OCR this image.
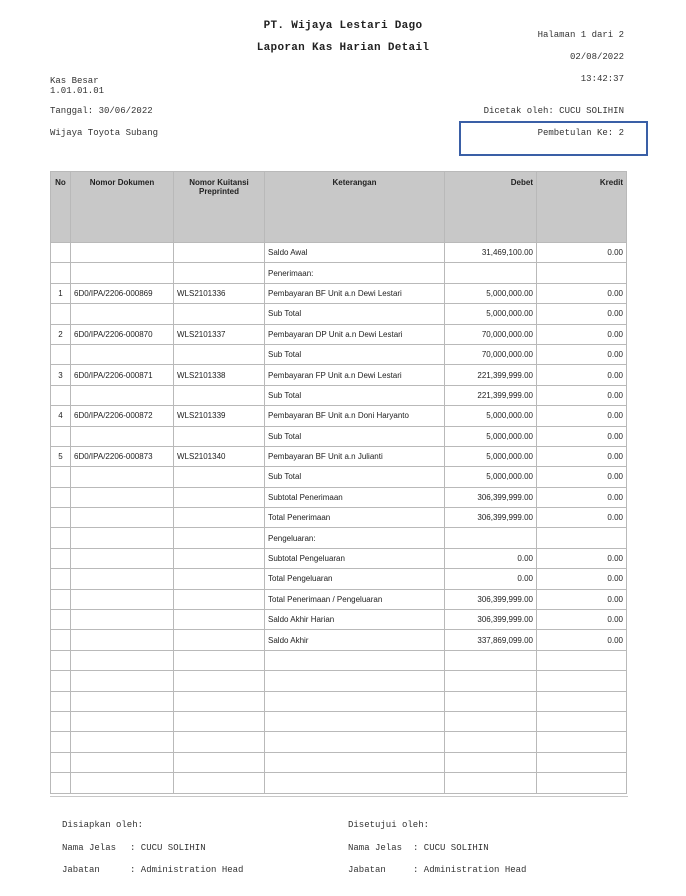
PT. Wijaya Lestari Dago
Laporan Kas Harian Detail
Halaman 1 dari 2
02/08/2022
13:42:37
Kas Besar
1.01.01.01
Tanggal: 30/06/2022
Wijaya Toyota Subang
Dicetak oleh: CUCU SOLIHIN
Pembetulan Ke: 2
No	Nomor Dokumen	Nomor Kuitansi Preprinted	Keterangan	Debet	Kredit
			Saldo Awal	31,469,100.00	0.00
			Penerimaan:		
1	6D0/IPA/2206-000869	WLS2101336	Pembayaran BF Unit a.n Dewi Lestari	5,000,000.00	0.00
			Sub Total	5,000,000.00	0.00
2	6D0/IPA/2206-000870	WLS2101337	Pembayaran DP Unit a.n Dewi Lestari	70,000,000.00	0.00
			Sub Total	70,000,000.00	0.00
3	6D0/IPA/2206-000871	WLS2101338	Pembayaran FP Unit a.n Dewi Lestari	221,399,999.00	0.00
			Sub Total	221,399,999.00	0.00
4	6D0/IPA/2206-000872	WLS2101339	Pembayaran BF Unit a.n Doni Haryanto	5,000,000.00	0.00
			Sub Total	5,000,000.00	0.00
5	6D0/IPA/2206-000873	WLS2101340	Pembayaran BF Unit a.n Julianti	5,000,000.00	0.00
			Sub Total	5,000,000.00	0.00
			Subtotal Penerimaan	306,399,999.00	0.00
			Total Penerimaan	306,399,999.00	0.00
			Pengeluaran:		
			Subtotal Pengeluaran	0.00	0.00
			Total Pengeluaran	0.00	0.00
			Total Penerimaan / Pengeluaran	306,399,999.00	0.00
			Saldo Akhir Harian	306,399,999.00	0.00
			Saldo Akhir	337,869,099.00	0.00

Disiapkan oleh:
Nama Jelas : CUCU SOLIHIN
Jabatan	: Administration Head
Disetujui oleh:
Nama Jelas : CUCU SOLIHIN
Jabatan	: Administration Head
